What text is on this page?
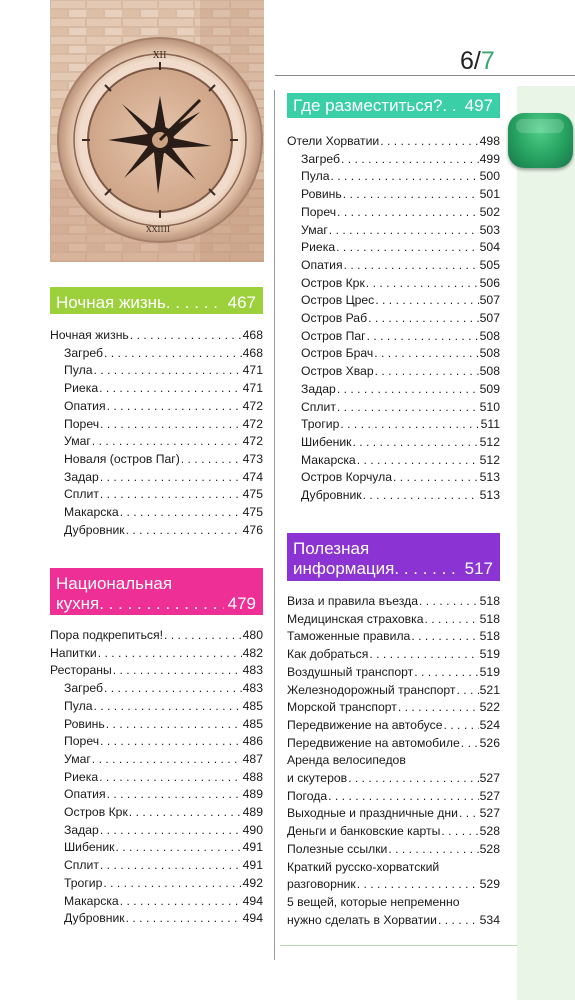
6/7
XII
XXIIII
Ночная жизнь . . .	467
Ночная жизнь . . .	468
Загреб . . .	468
Пула . . .	471
Риека . . .	471
Опатия . . .	472
Пореч . . .	472
Умаг . . .	472
Новаля (остров Паг) . . .	473
Задар . . .	474
Сплит . . .	475
Макарска . . .	475
Дубровник . . .	476
Национальная
кухня . . .	479
Пора подкрепиться! . . .	480
Напитки . . .	482
Рестораны . . .	483
Загреб . . .	483
Пула . . .	485
Ровинь . . .	485
Пореч . . .	486
Умаг . . .	487
Риека . . .	488
Опатия . . .	489
Остров Крк . . .	489
Задар . . .	490
Шибеник . . .	491
Сплит . . .	491
Трогир . . .	492
Макарска . . .	494
Дубровник . . .	494
Где разместиться? . . . 497
Отели Хорватии . . .	498
Загреб . . .	499
Пула . . .	500
Ровинь . . .	501
Пореч . . .	502
Умаг . . .	503
Риека . . .	504
Опатия . . .	505
Остров Крк . . .	506
Остров Црес . . .	507
Остров Раб . . .	507
Остров Паг . . .	508
Остров Брач . . .	508
Остров Хвар . . .	508
Задар . . .	509
Сплит . . .	510
Трогир . . .	511
Шибеник . . .	512
Макарска . . .	512
Остров Корчула . . .	513
Дубровник . . .	513
Полезная
информация . . .	517
Виза и правила въезда . . .	518
Медицинская страховка . . .	518
Таможенные правила . . .	518
Как добраться . . .	519
Воздушный транспорт . . .	519
Железнодорожный транспорт . . . 521
Морской транспорт . . .	522
Передвижение на автобусе . . .	524
Передвижение на автомобиле . . . 526
Аренда велосипедов
и скутеров . . .	527
Погода . . .	527
Выходные и праздничные дни . . . 527
Деньги и банковские карты . . .	528
Полезные ссылки . . .	528
Краткий русско-хорватский
разговорник . . .	529
5 вещей, которые непременно
нужно сделать в Хорватии . . .	534
